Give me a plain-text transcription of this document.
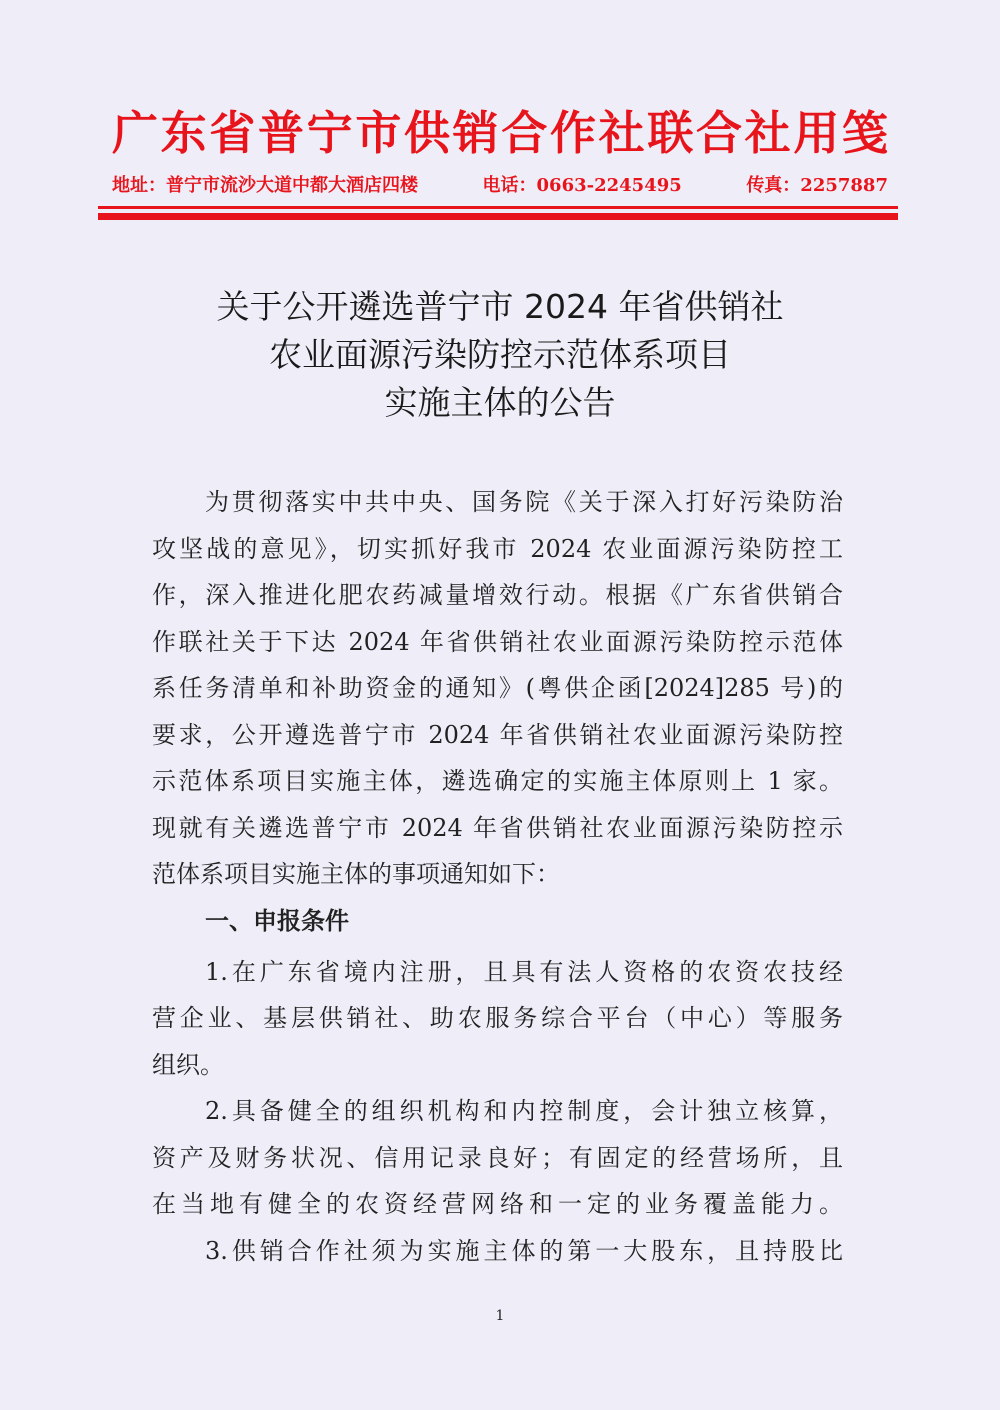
广东省普宁市供销合作社联合社用笺
地址：普宁市流沙大道中都大酒店四楼	电话：0663-2245495	传真：2257887
关于公开遴选普宁市 2024 年省供销社
农业面源污染防控示范体系项目
实施主体的公告
为贯彻落实中共中央、国务院《关于深入打好污染防治
攻坚战的意见》，切实抓好我市 2024 农业面源污染防控工
作，深入推进化肥农药减量增效行动。根据《广东省供销合
作联社关于下达 2024 年省供销社农业面源污染防控示范体
系任务清单和补助资金的通知》(粤供企函[2024]285 号)的
要求，公开遵选普宁市 2024 年省供销社农业面源污染防控
示范体系项目实施主体，遴选确定的实施主体原则上 1 家。
现就有关遴选普宁市 2024 年省供销社农业面源污染防控示
范体系项目实施主体的事项通知如下：
一、申报条件
1.在广东省境内注册，且具有法人资格的农资农技经
营企业、基层供销社、助农服务综合平台（中心）等服务
组织。
2.具备健全的组织机构和内控制度，会计独立核算，
资产及财务状况、信用记录良好；有固定的经营场所，且
在当地有健全的农资经营网络和一定的业务覆盖能力。
3.供销合作社须为实施主体的第一大股东，且持股比
1
